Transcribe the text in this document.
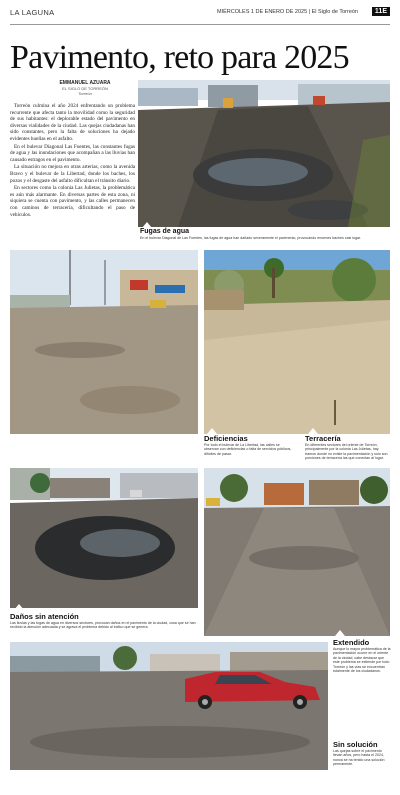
LA LAGUNA	MIÉRCOLES 1 DE ENERO DE 2025 | El Siglo de Torreón	11E
Pavimento, reto para 2025
EMMANUEL AZUARA
EL SIGLO DE TORREÓN
Torreón

Torreón culmina el año 2024 enfrentando un problema recurrente que afecta tanto la movilidad como la seguridad de sus habitantes: el deplorable estado del pavimento en diversas vialidades de la ciudad. Las quejas ciudadanas han sido constantes, pero la falta de soluciones ha dejado evidentes huellas en el asfalto.

En el bulevar Diagonal Las Fuentes, las constantes fugas de agua y las inundaciones que acompañan a las lluvias han causado estragos en el pavimento.

La situación no mejora en otras arterias, como la avenida Bravo y el bulevar de la Libertad, donde los baches, los pozos y el desgaste del asfalto dificultan el tránsito diario.

En sectores como la colonia Las Julietas, la problemática es aún más alarmante. En diversas partes de esta zona, ni siquiera se cuenta con pavimento, y las calles permanecen con caminos de terracería, dificultando el paso de vehículos.

Fugas de agua
En el bulevar Diagonal de Las Fuentes, las fugas de agua han dañado severamente el pavimento, provocando enormes baches casi lugar.
Deficiencias
Por todo el bulevar de La Libertad, las calles se observan con deficiencias o falta de servicios públicos, difíciles de pasar.
Terracería
En diferentes sectores del oriente de Torreón, principalmente por la colonia Las Julietas, hay tramos donde no existe la pavimentación y solo son porciones de terracería las que conectan al lugar.
Daños sin atención
Las lluvias y las fugas de agua en diversos sectores, provocan daños en el pavimento de la ciudad, cosa que se han recibido la atención adecuada y se agrava el problema debido al tráfico que se genera.
Extendido
Aunque lo mayor problemática de la pavimentación ocurre en el oriente de la ciudad, cabe destacar que este problema se extiende por todo Torreón y las vías se encuentran totalmente de los ciudadanos.
Sin solución
Las quejas sobre el pavimento llevan años, pero hasta el 2024, nunca se ha tenido una solución permanente.
